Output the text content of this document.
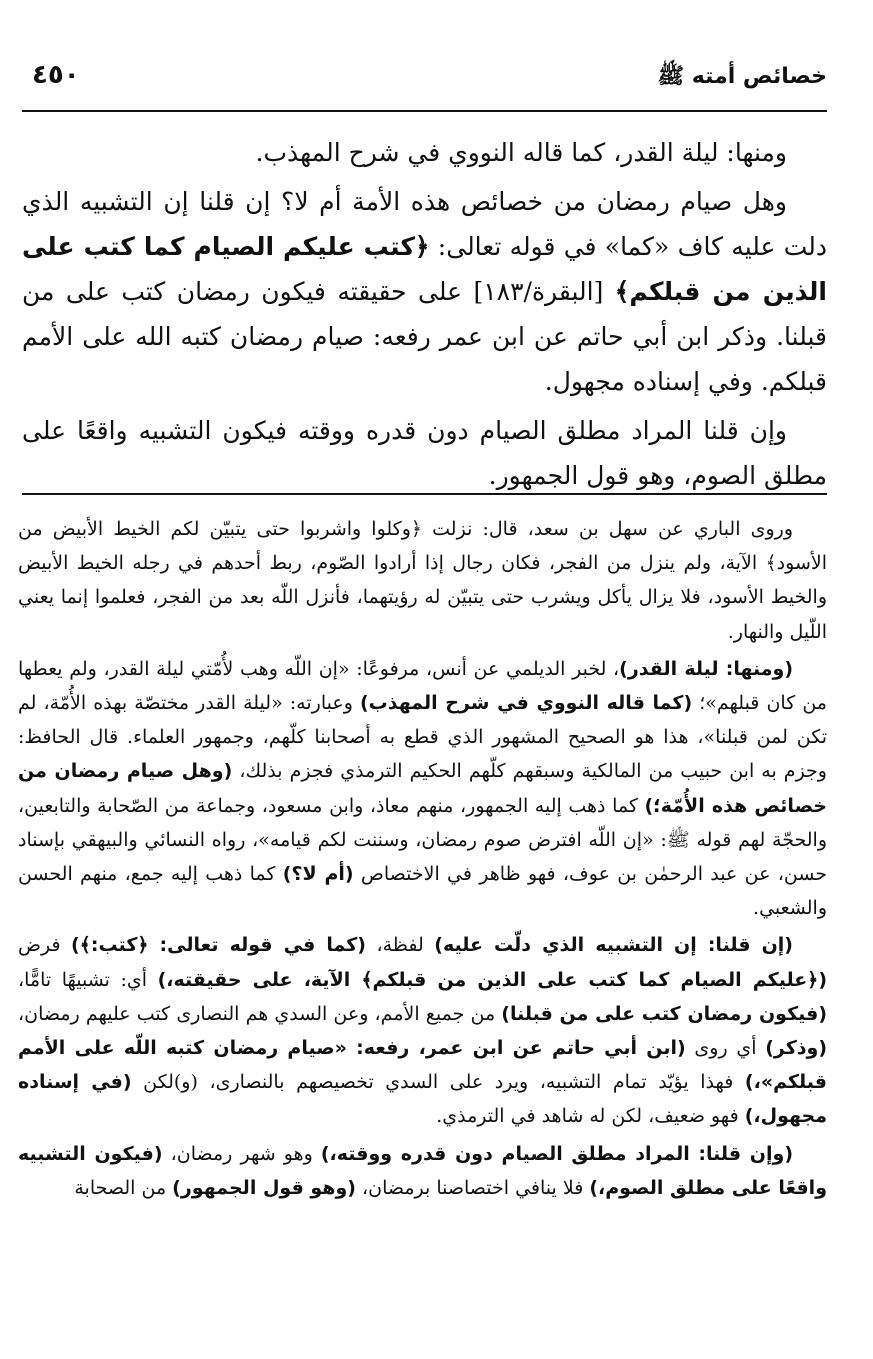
خصائص أمته ﷺ
٤٥٠

ومنها: ليلة القدر، كما قاله النووي في شرح المهذب.

وهل صيام رمضان من خصائص هذه الأمة أم لا؟ إن قلنا إن التشبيه الذي دلت عليه كاف «كما» في قوله تعالى: ﴿كتب عليكم الصيام كما كتب على الذين من قبلكم﴾ [البقرة/١٨٣] على حقيقته فيكون رمضان كتب على من قبلنا. وذكر ابن أبي حاتم عن ابن عمر رفعه: صيام رمضان كتبه الله على الأمم قبلكم. وفي إسناده مجهول.

وإن قلنا المراد مطلق الصيام دون قدره ووقته فيكون التشبيه واقعًا على مطلق الصوم، وهو قول الجمهور.

وروى الباري عن سهل بن سعد، قال: نزلت ﴿وكلوا واشربوا حتى يتبيّن لكم الخيط الأبيض من الأسود﴾ الآية، ولم ينزل من الفجر، فكان رجال إذا أرادوا الصّوم، ربط أحدهم في رجله الخيط الأبيض والخيط الأسود، فلا يزال يأكل ويشرب حتى يتبيّن له رؤيتهما، فأنزل اللّه بعد من الفجر، فعلموا إنما يعني اللّيل والنهار.

(ومنها: ليلة القدر)، لخبر الديلمي عن أنس، مرفوعًا: «إن اللّه وهب لأُمّتي ليلة القدر، ولم يعطها من كان قبلهم»؛ (كما قاله النووي في شرح المهذب) وعبارته: «ليلة القدر مختصّة بهذه الأُمّة، لم تكن لمن قبلنا»، هذا هو الصحيح المشهور الذي قطع به أصحابنا كلّهم، وجمهور العلماء. قال الحافظ: وجزم به ابن حبيب من المالكية وسبقهم كلّهم الحكيم الترمذي فجزم بذلك، (وهل صيام رمضان من خصائص هذه الأُمّة؛) كما ذهب إليه الجمهور، منهم معاذ، وابن مسعود، وجماعة من الصّحابة والتابعين، والحجّة لهم قوله ﷺ: «إن اللّه افترض صوم رمضان، وسننت لكم قيامه»، رواه النسائي والبيهقي بإسناد حسن، عن عبد الرحمٰن بن عوف، فهو ظاهر في الاختصاص (أم لا؟) كما ذهب إليه جمع، منهم الحسن والشعبي.

(إن قلنا: إن التشبيه الذي دلّت عليه) لفظة، (كما في قوله تعالى: ﴿كتب:﴾) فرض (﴿عليكم الصيام كما كتب على الذين من قبلكم﴾ الآية، على حقيقته،) أي: تشبيهًا تامًّا، (فيكون رمضان كتب على من قبلنا) من جميع الأمم، وعن السدي هم النصارى كتب عليهم رمضان، (وذكر) أي روى (ابن أبي حاتم عن ابن عمر، رفعه: «صيام رمضان كتبه اللّه على الأمم قبلكم»،) فهذا يؤيّد تمام التشبيه، ويرد على السدي تخصيصهم بالنصارى، (و)لكن (في إسناده مجهول،) فهو ضعيف، لكن له شاهد في الترمذي.

(وإن قلنا: المراد مطلق الصيام دون قدره ووقته،) وهو شهر رمضان، (فيكون التشبيه واقعًا على مطلق الصوم،) فلا ينافي اختصاصنا برمضان، (وهو قول الجمهور) من الصحابة
